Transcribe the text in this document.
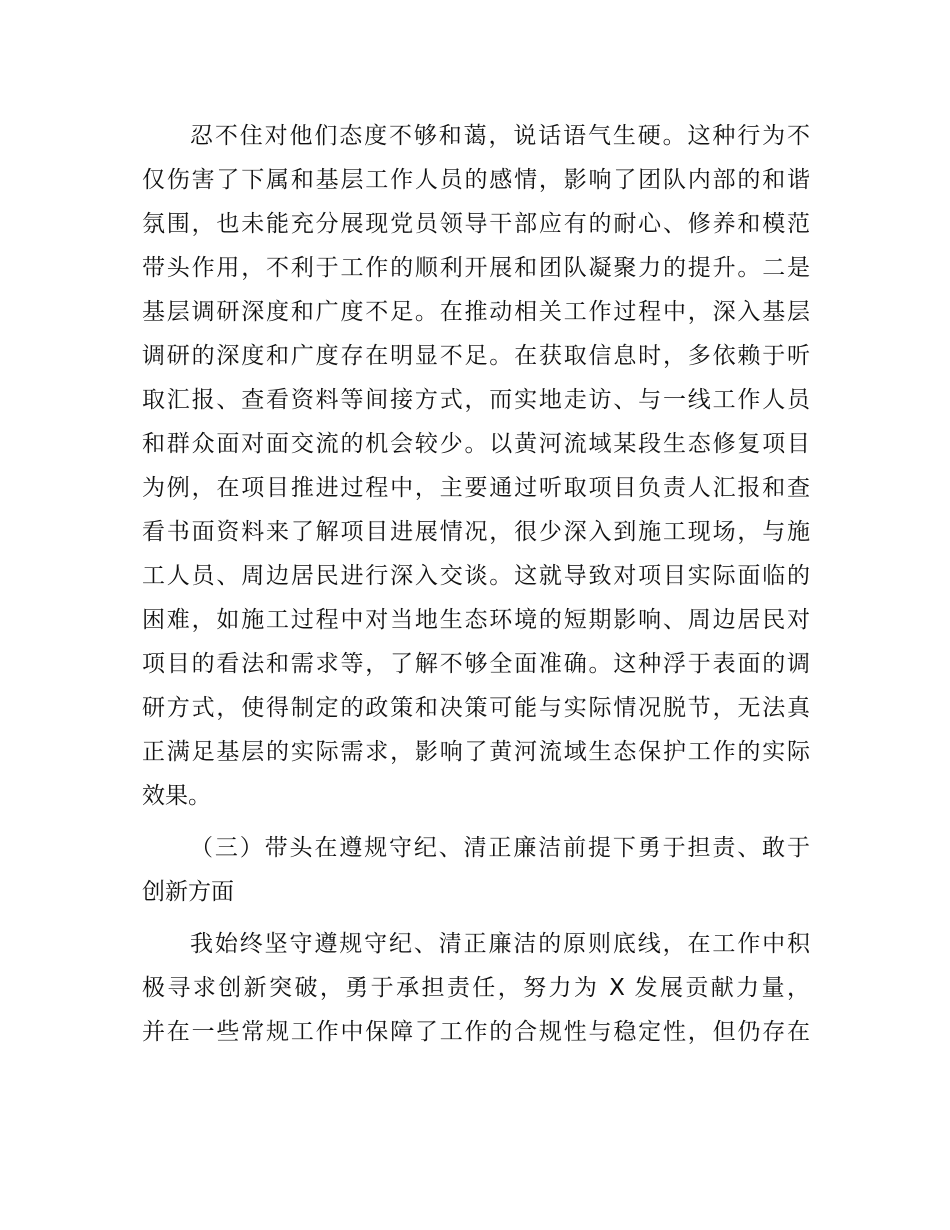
忍不住对他们态度不够和蔼，说话语气生硬。这种行为不
仅伤害了下属和基层工作人员的感情，影响了团队内部的和谐
氛围，也未能充分展现党员领导干部应有的耐心、修养和模范
带头作用，不利于工作的顺利开展和团队凝聚力的提升。二是
基层调研深度和广度不足。在推动相关工作过程中，深入基层
调研的深度和广度存在明显不足。在获取信息时，多依赖于听
取汇报、查看资料等间接方式，而实地走访、与一线工作人员
和群众面对面交流的机会较少。以黄河流域某段生态修复项目
为例，在项目推进过程中，主要通过听取项目负责人汇报和查
看书面资料来了解项目进展情况，很少深入到施工现场，与施
工人员、周边居民进行深入交谈。这就导致对项目实际面临的
困难，如施工过程中对当地生态环境的短期影响、周边居民对
项目的看法和需求等，了解不够全面准确。这种浮于表面的调
研方式，使得制定的政策和决策可能与实际情况脱节，无法真
正满足基层的实际需求，影响了黄河流域生态保护工作的实际
效果。
（三）带头在遵规守纪、清正廉洁前提下勇于担责、敢于
创新方面
我始终坚守遵规守纪、清正廉洁的原则底线，在工作中积
极寻求创新突破，勇于承担责任，努力为 X 发展贡献力量，
并在一些常规工作中保障了工作的合规性与稳定性，但仍存在
